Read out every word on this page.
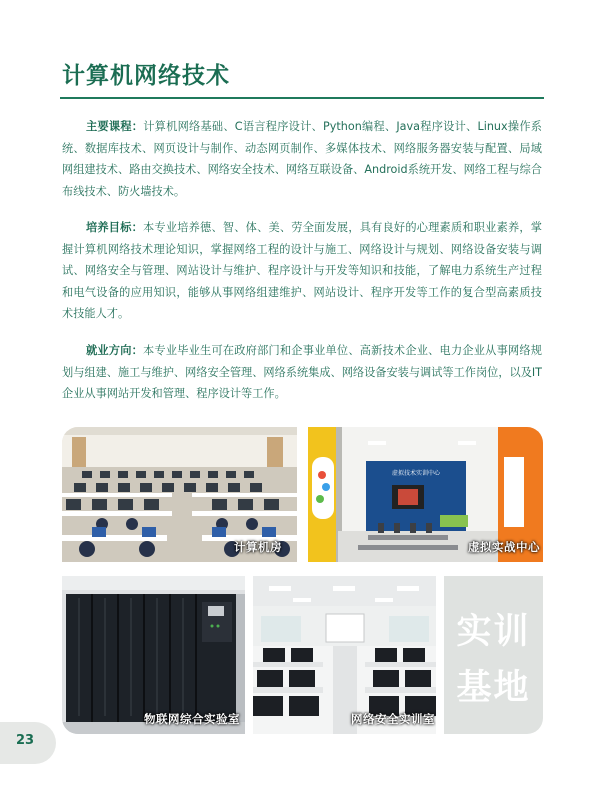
计算机网络技术

主要课程：计算机网络基础、C语言程序设计、Python编程、Java程序设计、Linux操作系统、数据库技术、网页设计与制作、动态网页制作、多媒体技术、网络服务器安装与配置、局域网组建技术、路由交换技术、网络安全技术、网络互联设备、Android系统开发、网络工程与综合布线技术、防火墙技术。

培养目标：本专业培养德、智、体、美、劳全面发展，具有良好的心理素质和职业素养，掌握计算机网络技术理论知识，掌握网络工程的设计与施工、网络设计与规划、网络设备安装与调试、网络安全与管理、网站设计与维护、程序设计与开发等知识和技能，了解电力系统生产过程和电气设备的应用知识，能够从事网络组建维护、网站设计、程序开发等工作的复合型高素质技术技能人才。

就业方向：本专业毕业生可在政府部门和企事业单位、高新技术企业、电力企业从事网络规划与组建、施工与维护、网络安全管理、网络系统集成、网络设备安装与调试等工作岗位，以及IT企业从事网站开发和管理、程序设计等工作。

计算机房
虚拟技术实训中心
虚拟实战中心
物联网综合实验室	网络安全实训室
实训
基地
23
